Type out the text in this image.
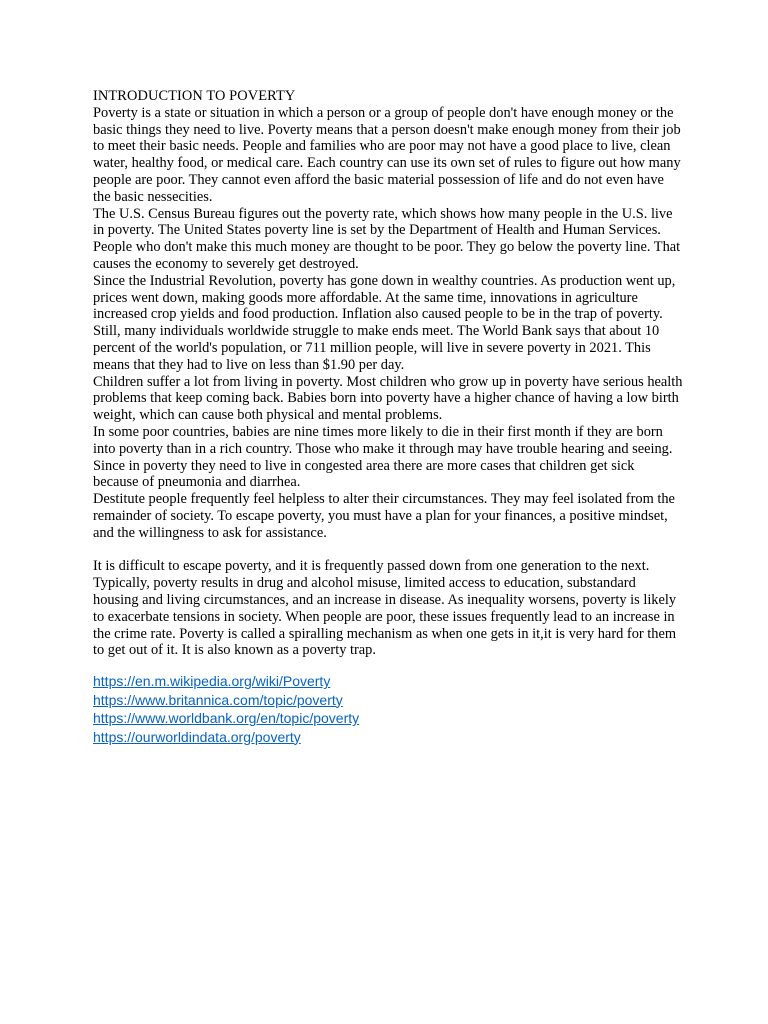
INTRODUCTION TO POVERTY

Poverty is a state or situation in which a person or a group of people don't have enough money or the basic things they need to live. Poverty means that a person doesn't make enough money from their job to meet their basic needs. People and families who are poor may not have a good place to live, clean water, healthy food, or medical care. Each country can use its own set of rules to figure out how many people are poor. They cannot even afford the basic material possession of life and do not even have the basic nessecities.

The U.S. Census Bureau figures out the poverty rate, which shows how many people in the U.S. live in poverty. The United States poverty line is set by the Department of Health and Human Services. People who don't make this much money are thought to be poor. They go below the poverty line. That causes the economy to severely get destroyed.

Since the Industrial Revolution, poverty has gone down in wealthy countries. As production went up, prices went down, making goods more affordable. At the same time, innovations in agriculture increased crop yields and food production. Inflation also caused people to be in the trap of poverty.

Still, many individuals worldwide struggle to make ends meet. The World Bank says that about 10 percent of the world's population, or 711 million people, will live in severe poverty in 2021. This means that they had to live on less than $1.90 per day.

Children suffer a lot from living in poverty. Most children who grow up in poverty have serious health problems that keep coming back. Babies born into poverty have a higher chance of having a low birth weight, which can cause both physical and mental problems.

In some poor countries, babies are nine times more likely to die in their first month if they are born into poverty than in a rich country. Those who make it through may have trouble hearing and seeing.

Since in poverty they need to live in congested area there are more cases that children get sick because of pneumonia and diarrhea.

Destitute people frequently feel helpless to alter their circumstances. They may feel isolated from the remainder of society. To escape poverty, you must have a plan for your finances, a positive mindset, and the willingness to ask for assistance.

It is difficult to escape poverty, and it is frequently passed down from one generation to the next. Typically, poverty results in drug and alcohol misuse, limited access to education, substandard housing and living circumstances, and an increase in disease. As inequality worsens, poverty is likely to exacerbate tensions in society. When people are poor, these issues frequently lead to an increase in the crime rate. Poverty is called a spiralling mechanism as when one gets in it,it is very hard for them to get out of it. It is also known as a poverty trap.

https://en.m.wikipedia.org/wiki/Poverty
https://www.britannica.com/topic/poverty
https://www.worldbank.org/en/topic/poverty
https://ourworldindata.org/poverty
